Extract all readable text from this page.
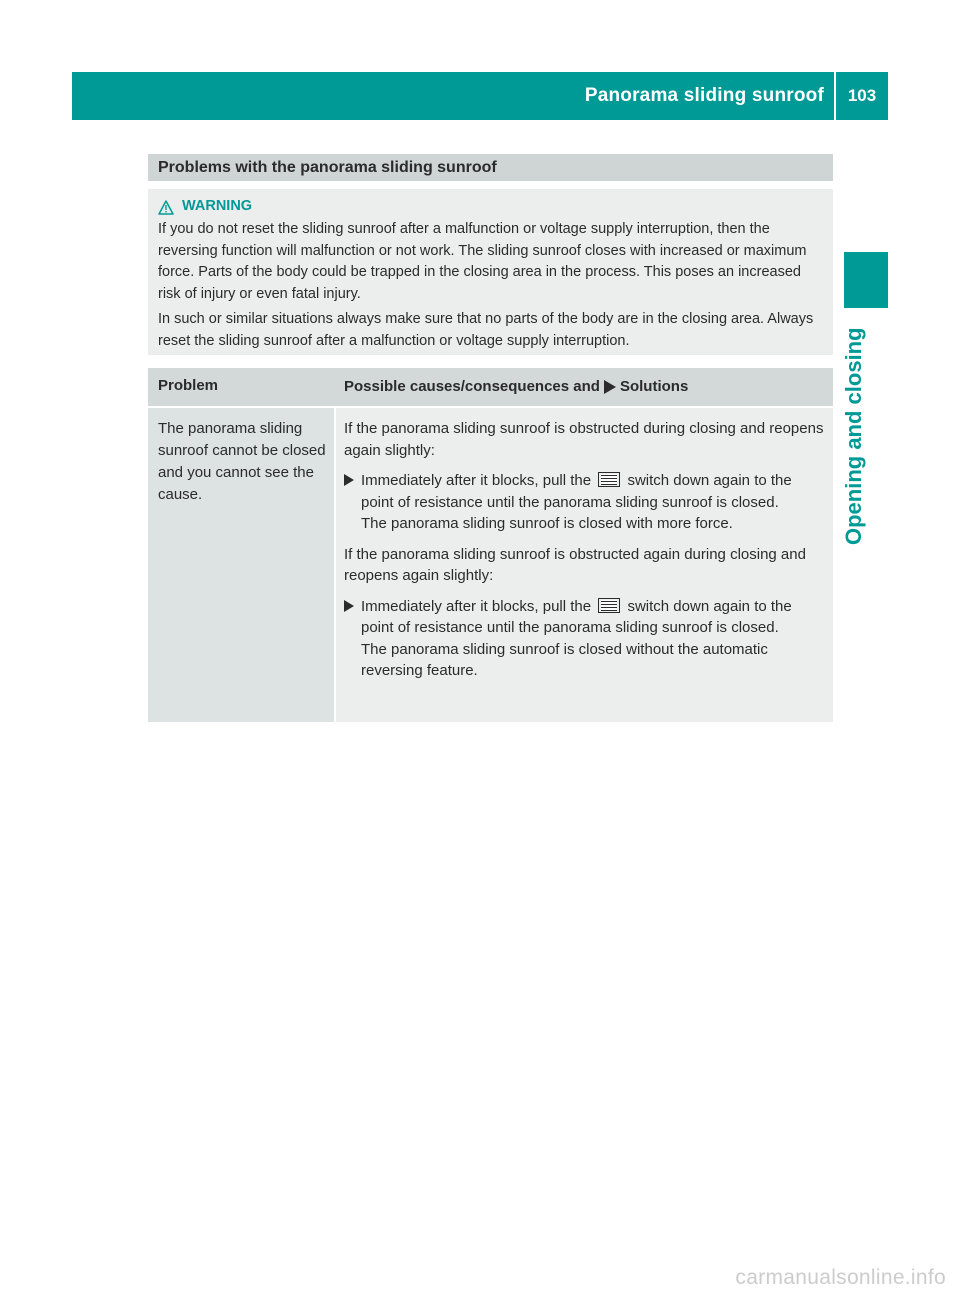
Panorama sliding sunroof	103
Opening and closing
Problems with the panorama sliding sunroof
WARNING

If you do not reset the sliding sunroof after a malfunction or voltage supply interruption, then the reversing function will malfunction or not work. The sliding sunroof closes with increased or maximum force. Parts of the body could be trapped in the closing area in the process. This poses an increased risk of injury or even fatal injury.

In such or similar situations always make sure that no parts of the body are in the closing area. Always reset the sliding sunroof after a malfunction or voltage supply interruption.

Problem	Possible causes/consequences and Solutions
The panorama sliding sunroof cannot be closed and you cannot see the cause.

If the panorama sliding sunroof is obstructed during closing and reopens again slightly:

Immediately after it blocks, pull the switch down again to the point of resistance until the panorama sliding sunroof is closed.
The panorama sliding sunroof is closed with more force.

If the panorama sliding sunroof is obstructed again during closing and reopens again slightly:

Immediately after it blocks, pull the switch down again to the point of resistance until the panorama sliding sunroof is closed.
The panorama sliding sunroof is closed without the automatic reversing feature.
carmanualsonline.info
